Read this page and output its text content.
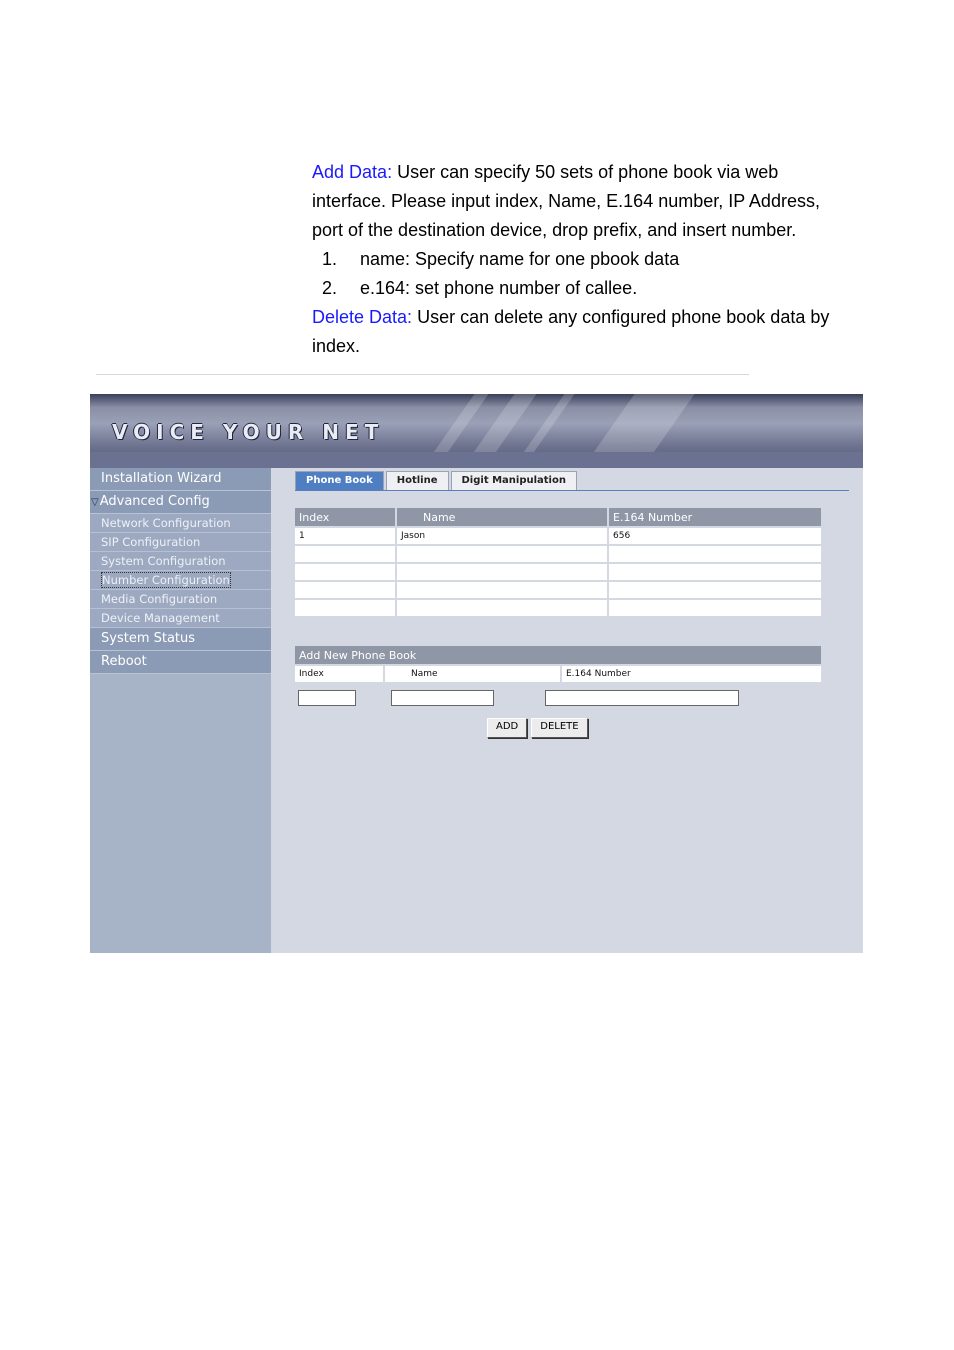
Add Data: User can specify 50 sets of phone book via web
interface. Please input index, Name, E.164 number, IP Address,
port of the destination device, drop prefix, and insert number.

1. name: Specify name for one pbook data
2. e.164: set phone number of callee.

Delete Data: User can delete any configured phone book data by
index.

VOICE YOUR NET
Installation Wizard
▽Advanced Config
Network Configuration
SIP Configuration
System Configuration
Number Configuration
Media Configuration
Device Management
System Status
Reboot
Phone Book	Hotline	Digit Manipulation
Index	Name	E.164 Number
1	Jason	656

Add New Phone Book
Index	Name	E.164 Number
ADD	DELETE
